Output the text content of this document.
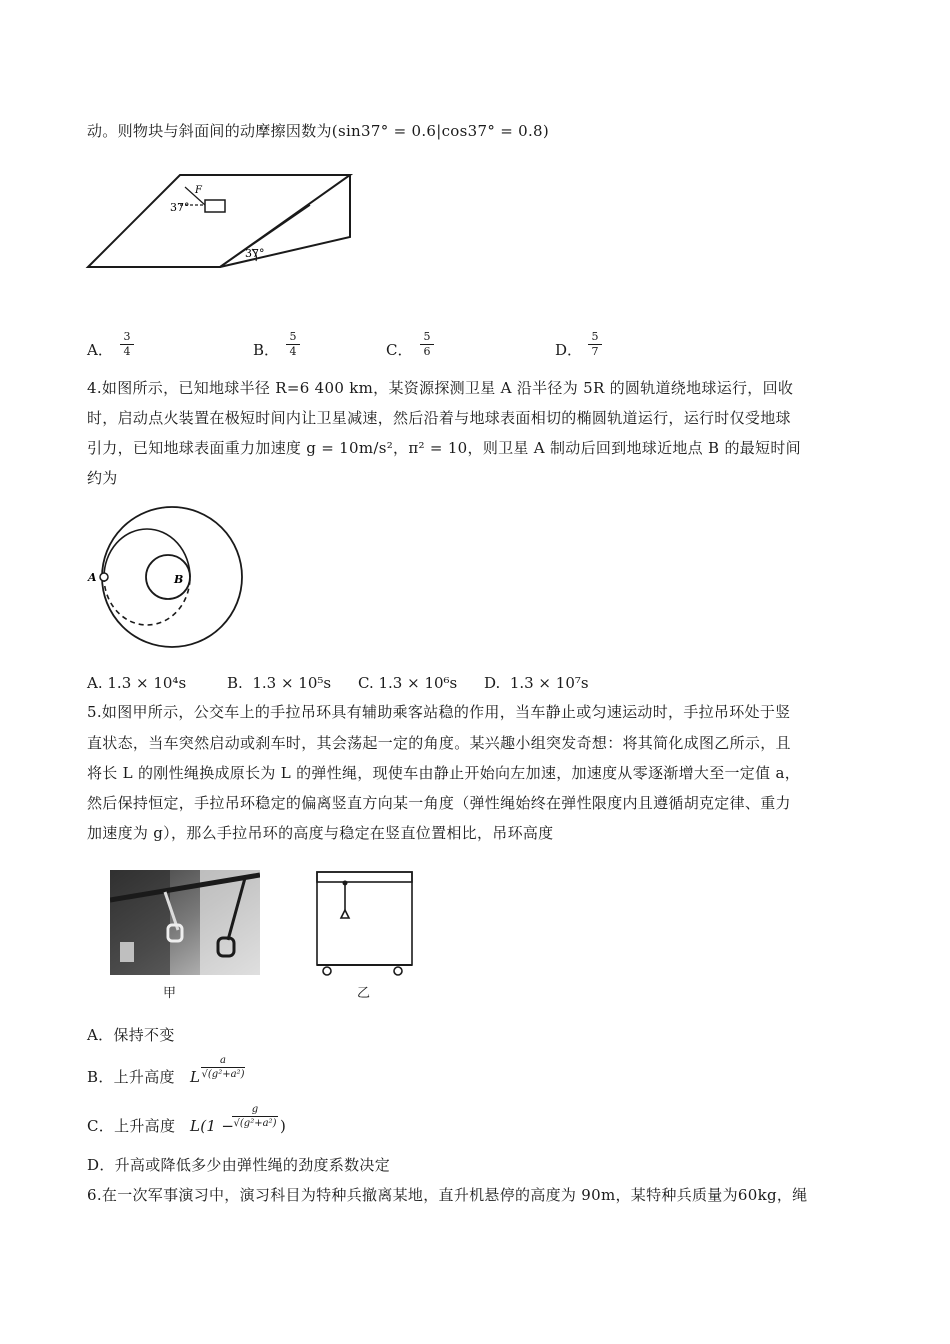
动。则物块与斜面间的动摩擦因数为(sin37° = 0.6|cos37° = 0.8)
F
37°
37°
A．
3
4	B．
5
4	C．
5
6	D．
5
7
4.如图所示，已知地球半径 R=6 400 km，某资源探测卫星 A 沿半径为 5R 的圆轨道绕地球运行，回收
时，启动点火装置在极短时间内让卫星减速，然后沿着与地球表面相切的椭圆轨道运行，运行时仅受地球
引力，已知地球表面重力加速度 g = 10m/s²，π² = 10，则卫星 A 制动后回到地球近地点 B 的最短时间
约为
A	B
A. 1.3 × 10⁴s	B. 1.3 × 10⁵s C. 1.3 × 10⁶s D. 1.3 × 10⁷s
5.如图甲所示，公交车上的手拉吊环具有辅助乘客站稳的作用，当车静止或匀速运动时，手拉吊环处于竖
直状态，当车突然启动或刹车时，其会荡起一定的角度。某兴趣小组突发奇想：将其简化成图乙所示，且
将长 L 的刚性绳换成原长为 L 的弹性绳，现使车由静止开始向左加速，加速度从零逐渐增大至一定值 a，
然后保持恒定，手拉吊环稳定的偏离竖直方向某一角度（弹性绳始终在弹性限度内且遵循胡克定律、重力
加速度为 g），那么手拉吊环的高度与稳定在竖直位置相比，吊环高度
甲	乙
A．保持不变
B．上升高度 L
a
√(g²+a²)
C．上升高度 L(1 −
g
√(g²+a²) )
D．升高或降低多少由弹性绳的劲度系数决定
6.在一次军事演习中，演习科目为特种兵撤离某地，直升机悬停的高度为 90m，某特种兵质量为60kg，绳
